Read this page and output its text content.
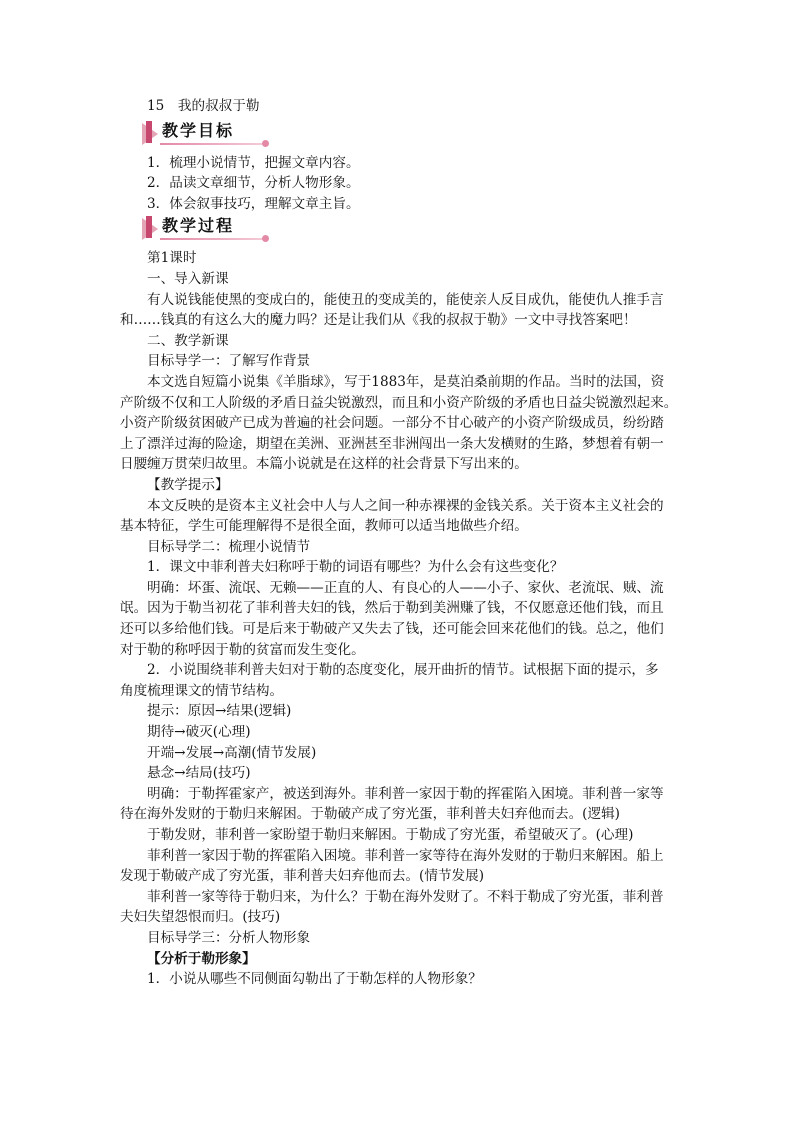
15　我的叔叔于勒
教学目标
1．梳理小说情节，把握文章内容。
2．品读文章细节，分析人物形象。
3．体会叙事技巧，理解文章主旨。
教学过程
第1课时
一、导入新课
有人说钱能使黑的变成白的，能使丑的变成美的，能使亲人反目成仇，能使仇人推手言
和……钱真的有这么大的魔力吗？还是让我们从《我的叔叔于勒》一文中寻找答案吧！
二、教学新课
目标导学一：了解写作背景
本文选自短篇小说集《羊脂球》，写于1883年，是莫泊桑前期的作品。当时的法国，资
产阶级不仅和工人阶级的矛盾日益尖锐激烈，而且和小资产阶级的矛盾也日益尖锐激烈起来。
小资产阶级贫困破产已成为普遍的社会问题。一部分不甘心破产的小资产阶级成员，纷纷踏
上了漂洋过海的险途，期望在美洲、亚洲甚至非洲闯出一条大发横财的生路，梦想着有朝一
日腰缠万贯荣归故里。本篇小说就是在这样的社会背景下写出来的。
【教学提示】
本文反映的是资本主义社会中人与人之间一种赤裸裸的金钱关系。关于资本主义社会的
基本特征，学生可能理解得不是很全面，教师可以适当地做些介绍。
目标导学二：梳理小说情节
1．课文中菲利普夫妇称呼于勒的词语有哪些？为什么会有这些变化？
明确：坏蛋、流氓、无赖——正直的人、有良心的人——小子、家伙、老流氓、贼、流
氓。因为于勒当初花了菲利普夫妇的钱，然后于勒到美洲赚了钱，不仅愿意还他们钱，而且
还可以多给他们钱。可是后来于勒破产又失去了钱，还可能会回来花他们的钱。总之，他们
对于勒的称呼因于勒的贫富而发生变化。
2．小说围绕菲利普夫妇对于勒的态度变化，展开曲折的情节。试根据下面的提示，多
角度梳理课文的情节结构。
提示：原因→结果(逻辑)
期待→破灭(心理)
开端→发展→高潮(情节发展)
悬念→结局(技巧)
明确：于勒挥霍家产，被送到海外。菲利普一家因于勒的挥霍陷入困境。菲利普一家等
待在海外发财的于勒归来解困。于勒破产成了穷光蛋，菲利普夫妇弃他而去。(逻辑)
于勒发财，菲利普一家盼望于勒归来解困。于勒成了穷光蛋，希望破灭了。(心理)
菲利普一家因于勒的挥霍陷入困境。菲利普一家等待在海外发财的于勒归来解困。船上
发现于勒破产成了穷光蛋，菲利普夫妇弃他而去。(情节发展)
菲利普一家等待于勒归来，为什么？于勒在海外发财了。不料于勒成了穷光蛋，菲利普
夫妇失望怨恨而归。(技巧)
目标导学三：分析人物形象
【分析于勒形象】
1．小说从哪些不同侧面勾勒出了于勒怎样的人物形象？
